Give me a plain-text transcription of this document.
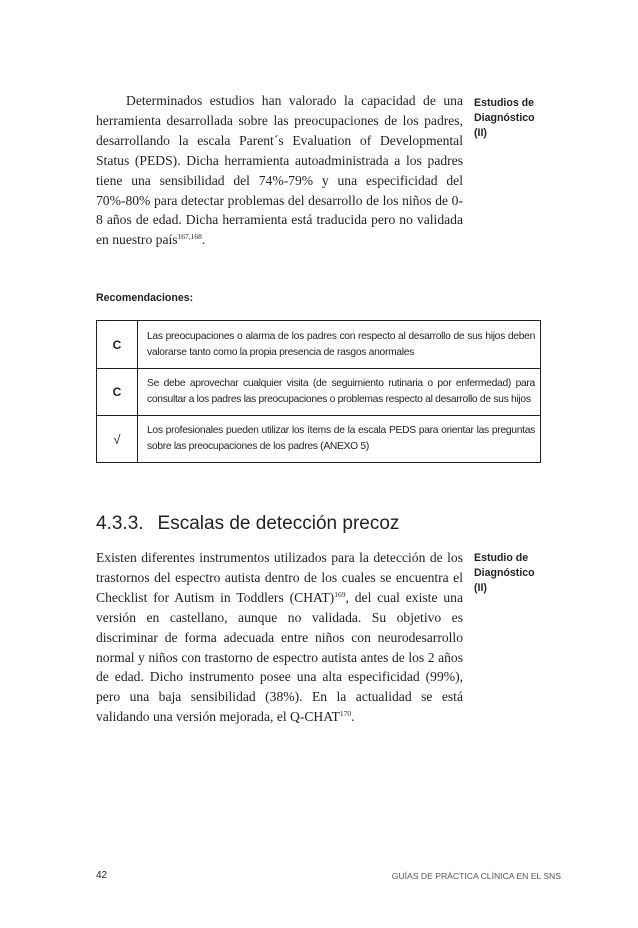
Determinados estudios han valorado la capacidad de una herramienta desarrollada sobre las preocupaciones de los padres, desarrollando la escala Parent´s Evaluation of Developmental Status (PEDS). Dicha herramienta autoadministrada a los padres tiene una sensibilidad del 74%-79% y una especificidad del 70%-80% para detectar problemas del desarrollo de los niños de 0-8 años de edad. Dicha herramienta está traducida pero no validada en nuestro país$^{167,168}$.

Estudios de
Diagnóstico
(II)
Recomendaciones:
C	Las preocupaciones o alarma de los padres con respecto al desarrollo de sus hijos deben valorarse tanto como la propia presencia de rasgos anormales
C	Se debe aprovechar cualquier visita (de seguimiento rutinaria o por enfermedad) para consultar a los padres las preocupaciones o problemas respecto al desarrollo de sus hijos
√	Los profesionales pueden utilizar los ítems de la escala PEDS para orientar las preguntas sobre las preocupaciones de los padres (ANEXO 5)
4.3.3. Escalas de detección precoz

Existen diferentes instrumentos utilizados para la detección de los trastornos del espectro autista dentro de los cuales se encuentra el Checklist for Autism in Toddlers (CHAT)$^{169}$, del cual existe una versión en castellano, aunque no validada. Su objetivo es discriminar de forma adecuada entre niños con neurodesarrollo normal y niños con trastorno de espectro autista antes de los 2 años de edad. Dicho instrumento posee una alta especificidad (99%), pero una baja sensibilidad (38%). En la actualidad se está validando una versión mejorada, el Q-CHAT$^{170}$.

Estudio de
Diagnóstico
(II)
42	GUÍAS DE PRÁCTICA CLÍNICA EN EL SNS
